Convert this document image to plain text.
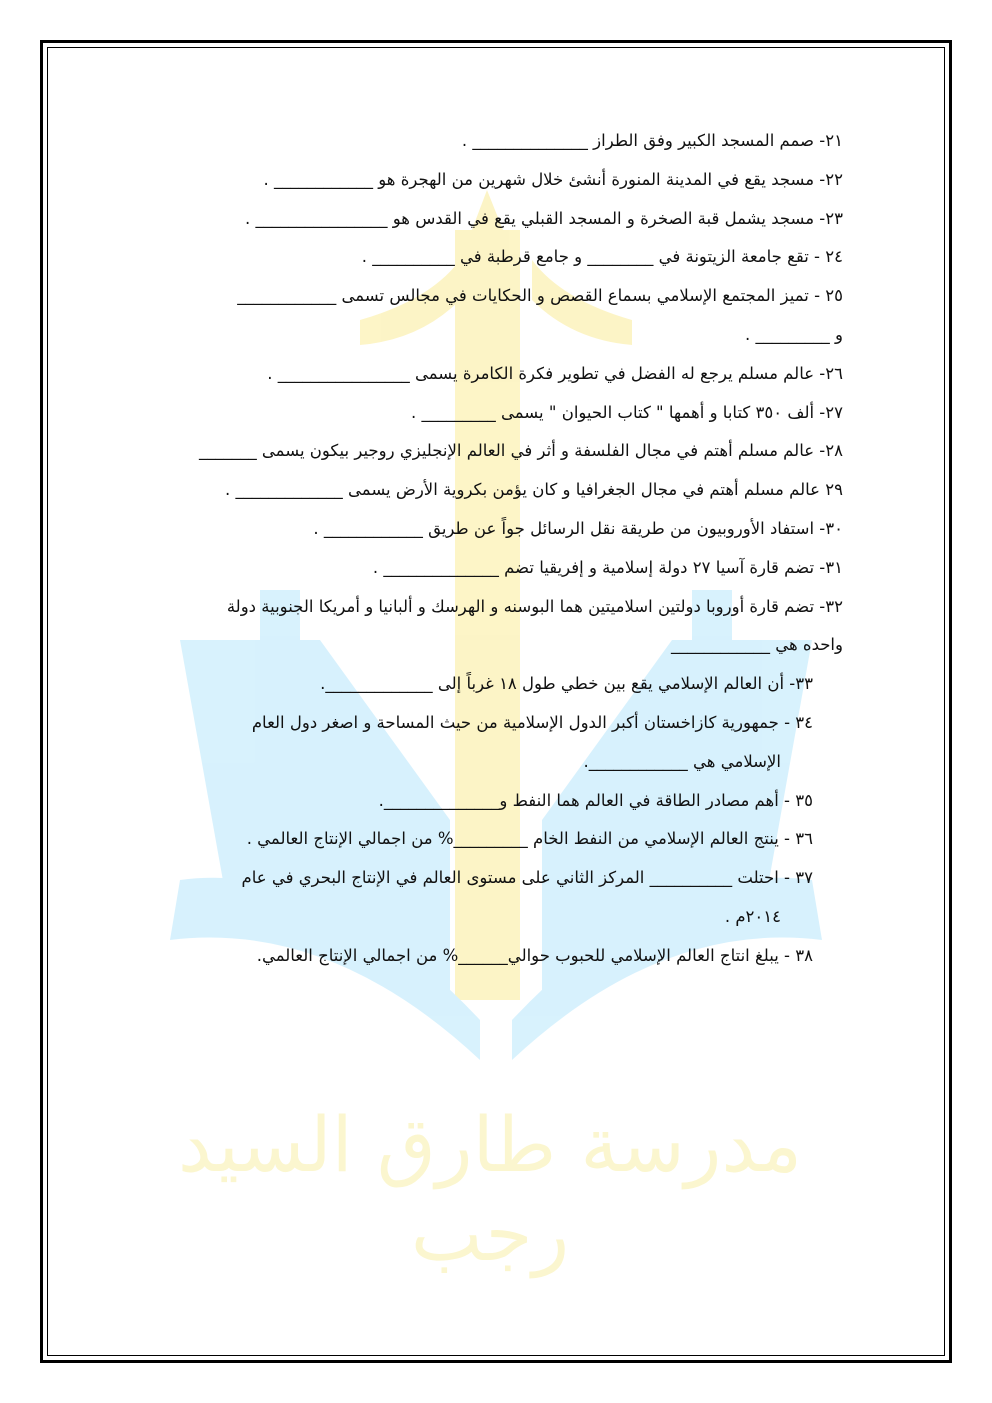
مدرسة طارق السيد رجب
٢١- صمم المسجد الكبير وفق الطراز ______________ .
٢٢- مسجد يقع في المدينة المنورة أنشئ خلال شهرين من الهجرة هو ____________ .
٢٣- مسجد يشمل قبة الصخرة و المسجد القبلي يقع في القدس هو ________________ .
٢٤ - تقع جامعة الزيتونة في ________ و جامع قرطبة في __________ .
٢٥ - تميز المجتمع الإسلامي بسماع القصص و الحكايات في مجالس تسمى ____________
و _________ .
٢٦- عالم مسلم يرجع له الفضل في تطوير فكرة الكامرة يسمى ________________ .
٢٧- ألف ٣٥٠ كتابا و أهمها " كتاب الحيوان " يسمى _________ .
٢٨- عالم مسلم أهتم في مجال الفلسفة و أثر في العالم الإنجليزي روجير بيكون يسمى _______
٢٩ عالم مسلم أهتم في مجال الجغرافيا و كان يؤمن بكروية الأرض يسمى _____________ .
٣٠- استفاد الأوروبيون من طريقة نقل الرسائل جواً عن طريق ____________ .
٣١- تضم قارة آسيا ٢٧ دولة إسلامية و إفريقيا تضم ______________ .
٣٢- تضم قارة أوروبا دولتين اسلاميتين هما البوسنه و الهرسك و ألبانيا و أمريكا الجنوبية دولة
واحده هي ____________
٣٣- أن العالم الإسلامي يقع بين خطي طول ١٨ غرباً إلى _____________.
٣٤ - جمهورية كازاخستان أكبر الدول الإسلامية من حيث المساحة و اصغر دول العام
الإسلامي هي ____________.
٣٥ - أهم مصادر الطاقة في العالم هما النفط و______________.
٣٦ - ينتج العالم الإسلامي من النفط الخام _________% من اجمالي الإنتاج العالمي .
٣٧ - احتلت __________ المركز الثاني على مستوى العالم في الإنتاج البحري في عام
٢٠١٤م .
٣٨ - يبلغ انتاج العالم الإسلامي للحبوب حوالي______% من اجمالي الإنتاج العالمي.
